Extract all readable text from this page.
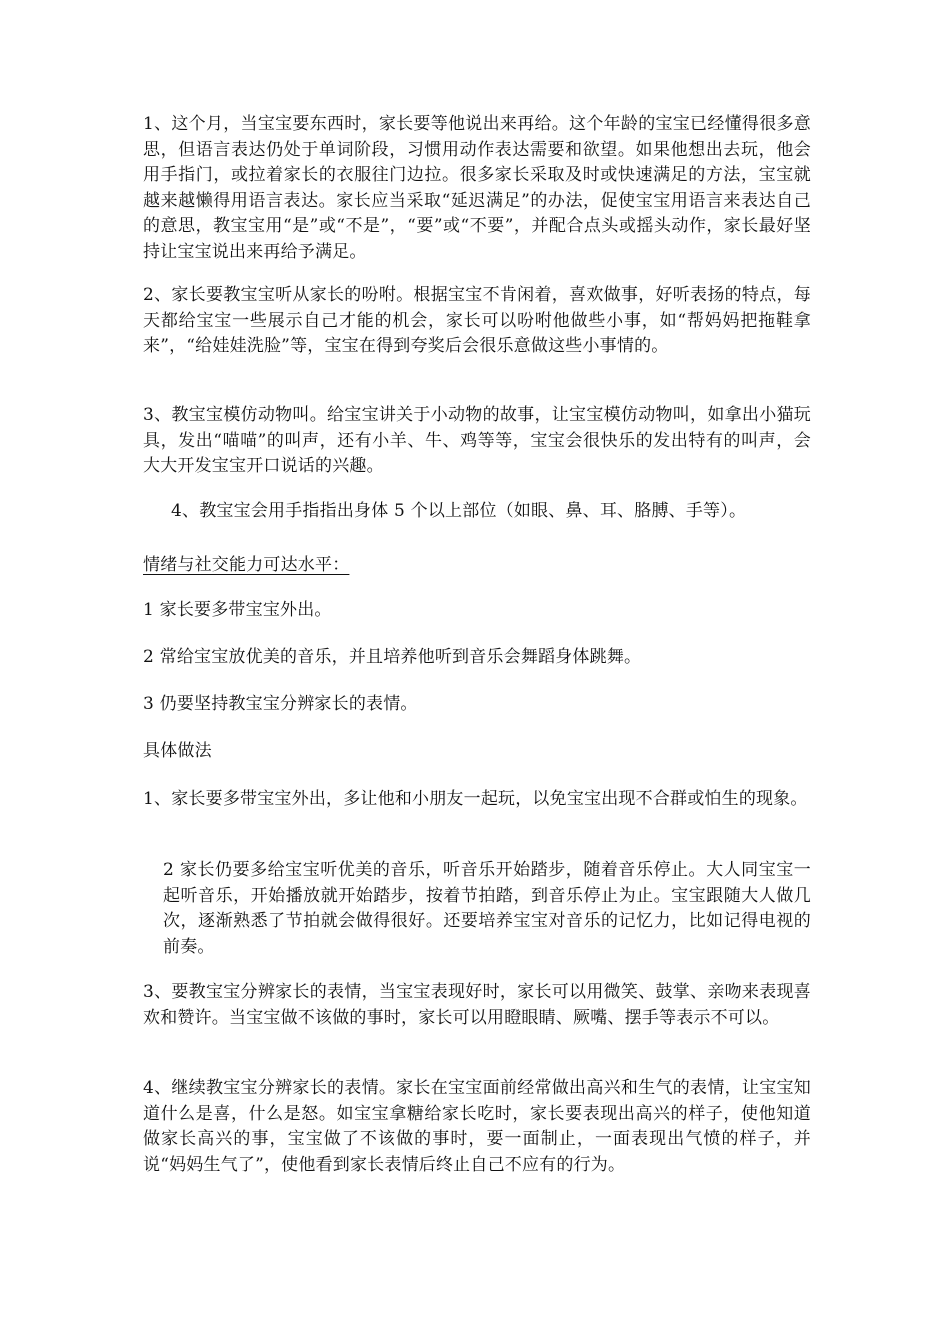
1、这个月，当宝宝要东西时，家长要等他说出来再给。这个年龄的宝宝已经懂得很多意思，但语言表达仍处于单词阶段，习惯用动作表达需要和欲望。如果他想出去玩，他会用手指门，或拉着家长的衣服往门边拉。很多家长采取及时或快速满足的方法，宝宝就越来越懒得用语言表达。家长应当采取“延迟满足”的办法，促使宝宝用语言来表达自己的意思，教宝宝用“是”或“不是”，“要”或“不要”，并配合点头或摇头动作，家长最好坚持让宝宝说出来再给予满足。

2、家长要教宝宝听从家长的吩咐。根据宝宝不肯闲着，喜欢做事，好听表扬的特点，每天都给宝宝一些展示自己才能的机会，家长可以吩咐他做些小事，如“帮妈妈把拖鞋拿来”，“给娃娃洗脸”等，宝宝在得到夸奖后会很乐意做这些小事情的。

3、教宝宝模仿动物叫。给宝宝讲关于小动物的故事，让宝宝模仿动物叫，如拿出小猫玩具，发出“喵喵”的叫声，还有小羊、牛、鸡等等，宝宝会很快乐的发出特有的叫声，会大大开发宝宝开口说话的兴趣。

4、教宝宝会用手指指出身体 5 个以上部位（如眼、鼻、耳、胳膊、手等）。

情绪与社交能力可达水平：

1 家长要多带宝宝外出。

2 常给宝宝放优美的音乐，并且培养他听到音乐会舞蹈身体跳舞。

3 仍要坚持教宝宝分辨家长的表情。

具体做法

1、家长要多带宝宝外出，多让他和小朋友一起玩，以免宝宝出现不合群或怕生的现象。

2 家长仍要多给宝宝听优美的音乐，听音乐开始踏步，随着音乐停止。大人同宝宝一起听音乐，开始播放就开始踏步，按着节拍踏，到音乐停止为止。宝宝跟随大人做几次，逐渐熟悉了节拍就会做得很好。还要培养宝宝对音乐的记忆力，比如记得电视的前奏。

3、要教宝宝分辨家长的表情，当宝宝表现好时，家长可以用微笑、鼓掌、亲吻来表现喜欢和赞许。当宝宝做不该做的事时，家长可以用瞪眼睛、厥嘴、摆手等表示不可以。

4、继续教宝宝分辨家长的表情。家长在宝宝面前经常做出高兴和生气的表情，让宝宝知道什么是喜，什么是怒。如宝宝拿糖给家长吃时，家长要表现出高兴的样子，使他知道做家长高兴的事，宝宝做了不该做的事时，要一面制止，一面表现出气愤的样子，并说“妈妈生气了”，使他看到家长表情后终止自己不应有的行为。
